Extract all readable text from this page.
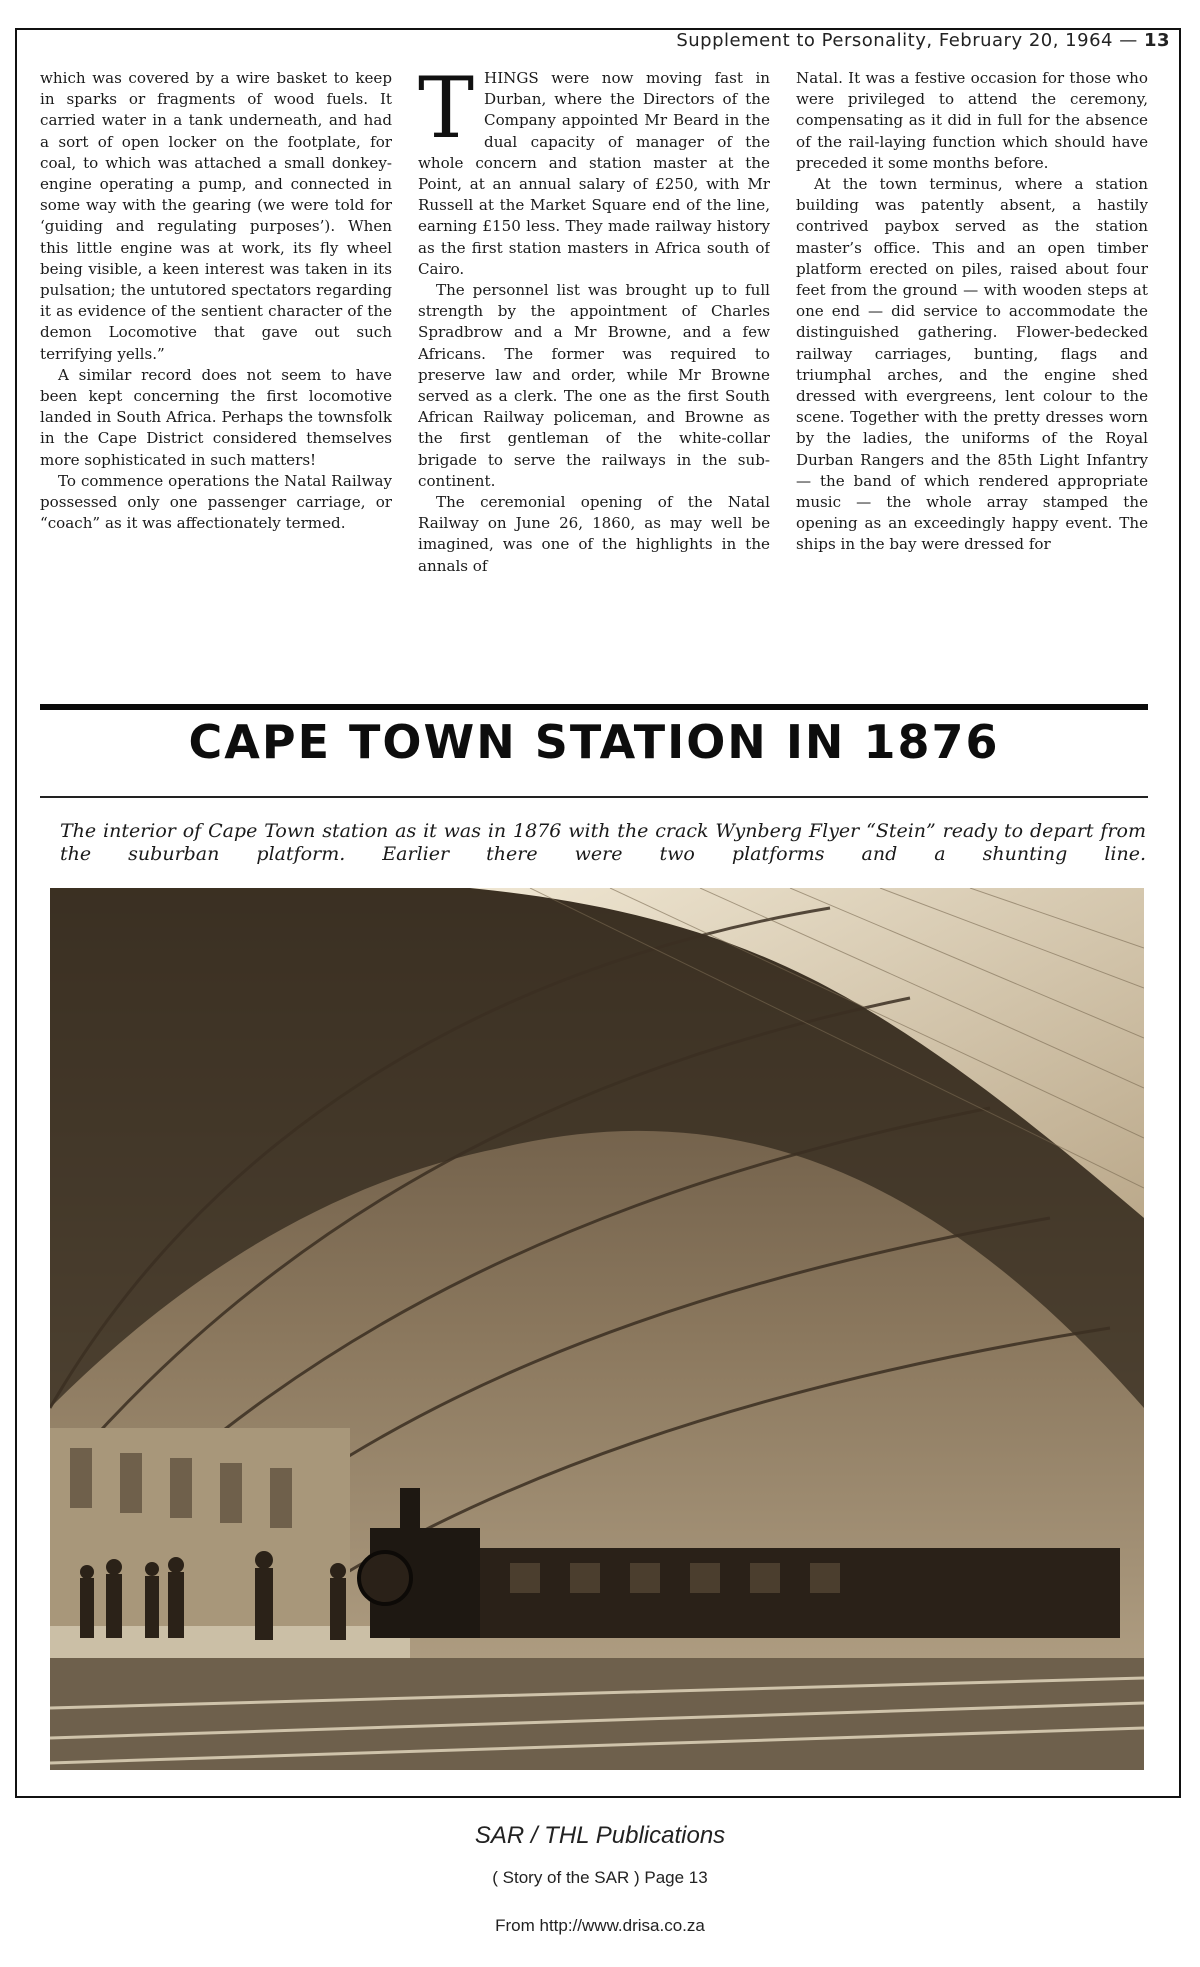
Supplement to Personality, February 20, 1964 — 13

which was covered by a wire basket to keep in sparks or fragments of wood fuels. It carried water in a tank underneath, and had a sort of open locker on the footplate, for coal, to which was attached a small donkey-engine operating a pump, and connected in some way with the gearing (we were told for ‘guiding and regulating purposes’). When this little engine was at work, its fly wheel being visible, a keen interest was taken in its pulsation; the untutored spectators regarding it as evidence of the sentient character of the demon Locomotive that gave out such terrifying yells.”

A similar record does not seem to have been kept concerning the first locomotive landed in South Africa. Perhaps the townsfolk in the Cape District considered themselves more sophisticated in such matters!

To commence operations the Natal Railway possessed only one passenger carriage, or “coach” as it was affectionately termed.

THINGS were now moving fast in Durban, where the Directors of the Company appointed Mr Beard in the dual capacity of manager of the whole concern and station master at the Point, at an annual salary of £250, with Mr Russell at the Market Square end of the line, earning £150 less. They made railway history as the first station masters in Africa south of Cairo.

The personnel list was brought up to full strength by the appointment of Charles Spradbrow and a Mr Browne, and a few Africans. The former was required to preserve law and order, while Mr Browne served as a clerk. The one as the first South African Railway policeman, and Browne as the first gentleman of the white-collar brigade to serve the railways in the sub-continent.

The ceremonial opening of the Natal Railway on June 26, 1860, as may well be imagined, was one of the highlights in the annals of

Natal. It was a festive occasion for those who were privileged to attend the ceremony, compensating as it did in full for the absence of the rail-laying function which should have preceded it some months before.

At the town terminus, where a station building was patently absent, a hastily contrived paybox served as the station master’s office. This and an open timber platform erected on piles, raised about four feet from the ground — with wooden steps at one end — did service to accommodate the distinguished gathering. Flower-bedecked railway carriages, bunting, flags and triumphal arches, and the engine shed dressed with evergreens, lent colour to the scene. Together with the pretty dresses worn by the ladies, the uniforms of the Royal Durban Rangers and the 85th Light Infantry — the band of which rendered appropriate music — the whole array stamped the opening as an exceedingly happy event. The ships in the bay were dressed for

CAPE TOWN STATION IN 1876
The interior of Cape Town station as it was in 1876 with the crack Wynberg Flyer “Stein” ready to depart from the suburban platform. Earlier there were two platforms and a shunting line.
SAR / THL Publications
( Story of the SAR ) Page 13
From http://www.drisa.co.za
